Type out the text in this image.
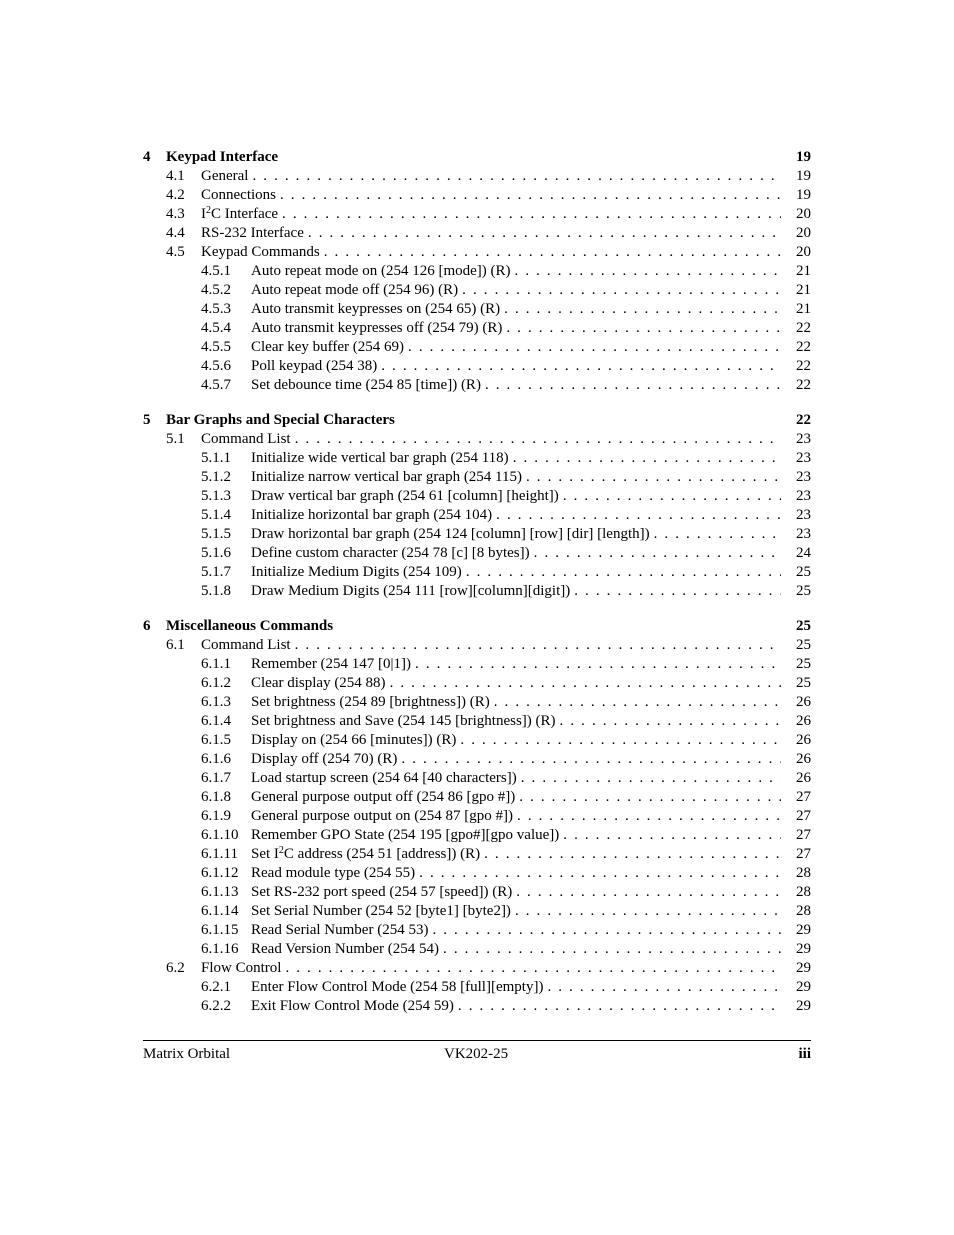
4 Keypad Interface	19
4.1 General . . .	19
4.2 Connections . . .	19
4.3 $I^2C$ Interface . . .	20
4.4 RS-232 Interface . . .	20
4.5 Keypad Commands . . .	20
4.5.1 Auto repeat mode on (254 126 [mode]) (R) . . .	21
4.5.2 Auto repeat mode off (254 96) (R) . . .	21
4.5.3 Auto transmit keypresses on (254 65) (R) . . .	21
4.5.4 Auto transmit keypresses off (254 79) (R) . . .	22
4.5.5 Clear key buffer (254 69) . . .	22
4.5.6 Poll keypad (254 38) . . .	22
4.5.7 Set debounce time (254 85 [time]) (R) . . .	22
5 Bar Graphs and Special Characters	22
5.1 Command List . . .	23
5.1.1 Initialize wide vertical bar graph (254 118) . . .	23
5.1.2 Initialize narrow vertical bar graph (254 115) . . .	23
5.1.3 Draw vertical bar graph (254 61 [column] [height]) . . .	23
5.1.4 Initialize horizontal bar graph (254 104) . . .	23
5.1.5 Draw horizontal bar graph (254 124 [column] [row] [dir] [length]) . . .	23
5.1.6 Define custom character (254 78 [c] [8 bytes]) . . .	24
5.1.7 Initialize Medium Digits (254 109) . . .	25
5.1.8 Draw Medium Digits (254 111 [row][column][digit]) . . .	25
6 Miscellaneous Commands	25
6.1 Command List . . .	25
6.1.1 Remember (254 147 [0|1]) . . .	25
6.1.2 Clear display (254 88) . . .	25
6.1.3 Set brightness (254 89 [brightness]) (R) . . .	26
6.1.4 Set brightness and Save (254 145 [brightness]) (R) . . .	26
6.1.5 Display on (254 66 [minutes]) (R) . . .	26
6.1.6 Display off (254 70) (R) . . .	26
6.1.7 Load startup screen (254 64 [40 characters]) . . .	26
6.1.8 General purpose output off (254 86 [gpo #]) . . .	27
6.1.9 General purpose output on (254 87 [gpo #]) . . .	27
6.1.10 Remember GPO State (254 195 [gpo#][gpo value]) . . .	27
6.1.11 Set $I^2C$ address (254 51 [address]) (R) . . .	27
6.1.12 Read module type (254 55) . . .	28
6.1.13 Set RS-232 port speed (254 57 [speed]) (R) . . .	28
6.1.14 Set Serial Number (254 52 [byte1] [byte2]) . . .	28
6.1.15 Read Serial Number (254 53) . . .	29
6.1.16 Read Version Number (254 54) . . .	29
6.2 Flow Control . . .	29
6.2.1 Enter Flow Control Mode (254 58 [full][empty]) . . .	29
6.2.2 Exit Flow Control Mode (254 59) . . .	29
Matrix Orbital	VK202-25	iii
